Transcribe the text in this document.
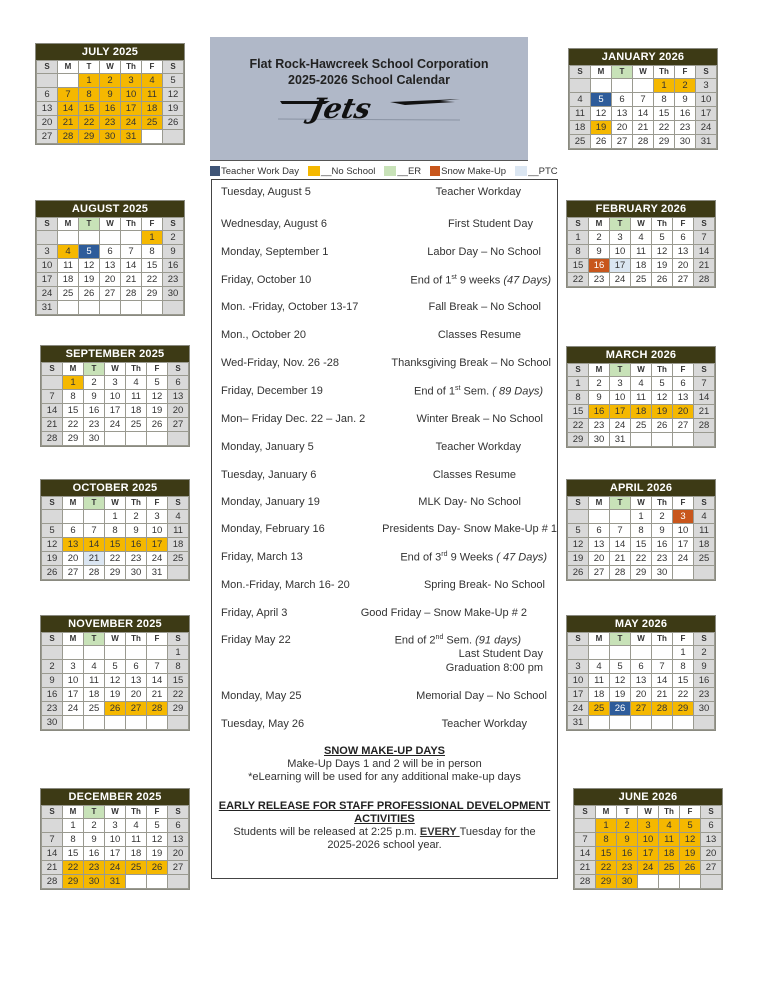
JULY 2025
S	M	T	W	Th	F	S
		1	2	3	4	5
6	7	8	9	10	11	12
13	14	15	16	17	18	19
20	21	22	23	24	25	26
27	28	29	30	31		
AUGUST 2025
S	M	T	W	Th	F	S
					1	2
3	4	5	6	7	8	9
10	11	12	13	14	15	16
17	18	19	20	21	22	23
24	25	26	27	28	29	30
31						
SEPTEMBER 2025
S	M	T	W	Th	F	S
	1	2	3	4	5	6
7	8	9	10	11	12	13
14	15	16	17	18	19	20
21	22	23	24	25	26	27
28	29	30				
OCTOBER 2025
S	M	T	W	Th	F	S
			1	2	3	4
5	6	7	8	9	10	11
12	13	14	15	16	17	18
19	20	21	22	23	24	25
26	27	28	29	30	31	
NOVEMBER 2025
S	M	T	W	Th	F	S
						1
2	3	4	5	6	7	8
9	10	11	12	13	14	15
16	17	18	19	20	21	22
23	24	25	26	27	28	29
30						
DECEMBER 2025
S	M	T	W	Th	F	S
	1	2	3	4	5	6
7	8	9	10	11	12	13
14	15	16	17	18	19	20
21	22	23	24	25	26	27
28	29	30	31			
JANUARY 2026
S	M	T	W	Th	F	S
				1	2	3
4	5	6	7	8	9	10
11	12	13	14	15	16	17
18	19	20	21	22	23	24
25	26	27	28	29	30	31
FEBRUARY 2026
S	M	T	W	Th	F	S
1	2	3	4	5	6	7
8	9	10	11	12	13	14
15	16	17	18	19	20	21
22	23	24	25	26	27	28
MARCH 2026
S	M	T	W	Th	F	S
1	2	3	4	5	6	7
8	9	10	11	12	13	14
15	16	17	18	19	20	21
22	23	24	25	26	27	28
29	30	31				
APRIL 2026
S	M	T	W	Th	F	S
			1	2	3	4
5	6	7	8	9	10	11
12	13	14	15	16	17	18
19	20	21	22	23	24	25
26	27	28	29	30		
MAY 2026
S	M	T	W	Th	F	S
					1	2
3	4	5	6	7	8	9
10	11	12	13	14	15	16
17	18	19	20	21	22	23
24	25	26	27	28	29	30
31						
JUNE 2026
S	M	T	W	Th	F	S
	1	2	3	4	5	6
7	8	9	10	11	12	13
14	15	16	17	18	19	20
21	22	23	24	25	26	27
28	29	30				
Flat Rock-Hawcreek School Corporation
2025-2026 School Calendar
Jets
Teacher Work Day __No School __ER Snow Make-Up __PTC
Tuesday, August 5	Teacher Workday
Wednesday, August 6	First Student Day
Monday, September 1	Labor Day – No School
Friday, October 10	End of 1st 9 weeks (47 Days)
Mon. -Friday, October 13-17	Fall Break – No School
Mon., October 20	Classes Resume
Wed-Friday, Nov. 26 -28	Thanksgiving Break – No School
Friday, December 19	End of 1st Sem. ( 89 Days)
Mon– Friday Dec. 22 – Jan. 2	Winter Break – No School
Monday, January 5	Teacher Workday
Tuesday, January 6	Classes Resume
Monday, January 19	MLK Day- No School
Monday, February 16	Presidents Day- Snow Make-Up # 1
Friday, March 13	End of 3rd 9 Weeks ( 47 Days)
Mon.-Friday, March 16- 20	Spring Break- No School
Friday, April 3	Good Friday – Snow Make-Up # 2
Friday May 22	End of 2nd Sem. (91 days)
Last Student Day
Graduation 8:00 pm
Monday, May 25	Memorial Day – No School
Tuesday, May 26	Teacher Workday
SNOW MAKE-UP DAYS
Make-Up Days 1 and 2 will be in person
*eLearning will be used for any additional make-up days
EARLY RELEASE FOR STAFF PROFESSIONAL DEVELOPMENT
ACTIVITIES
Students will be released at 2:25 p.m. EVERY Tuesday for the
2025-2026 school year.
